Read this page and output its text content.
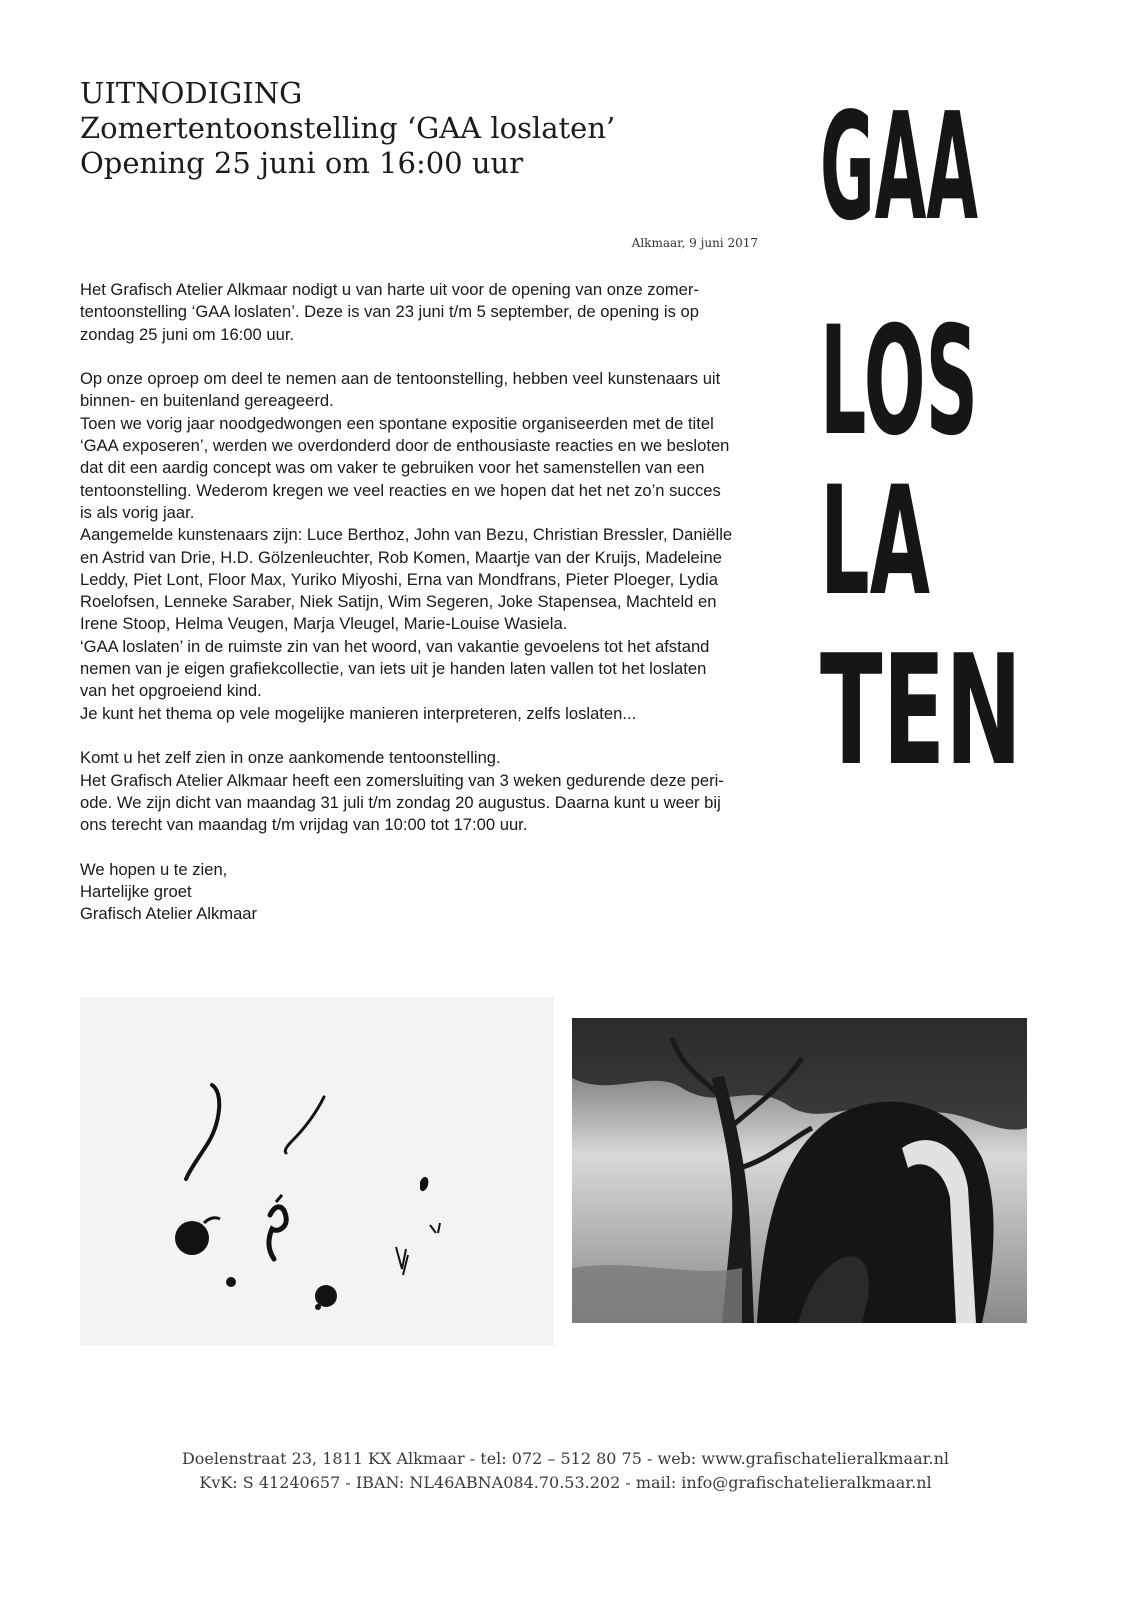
UITNODIGING
Zomertentoonstelling ‘GAA loslaten’
Opening 25 juni om 16:00 uur
Alkmaar, 9 juni 2017

Het Grafisch Atelier Alkmaar nodigt u van harte uit voor de opening van onze zomer-

tentoonstelling ‘GAA loslaten’. Deze is van 23 juni t/m 5 september, de opening is op

zondag 25 juni om 16:00 uur.

Op onze oproep om deel te nemen aan de tentoonstelling, hebben veel kunstenaars uit

binnen- en buitenland gereageerd.

Toen we vorig jaar noodgedwongen een spontane expositie organiseerden met de titel

‘GAA exposeren’, werden we overdonderd door de enthousiaste reacties en we besloten

dat dit een aardig concept was om vaker te gebruiken voor het samenstellen van een

tentoonstelling. Wederom kregen we veel reacties en we hopen dat het net zo’n succes

is als vorig jaar.

Aangemelde kunstenaars zijn: Luce Berthoz, John van Bezu, Christian Bressler, Daniëlle

en Astrid van Drie, H.D. Gölzenleuchter, Rob Komen, Maartje van der Kruijs, Madeleine

Leddy, Piet Lont, Floor Max, Yuriko Miyoshi, Erna van Mondfrans, Pieter Ploeger, Lydia

Roelofsen, Lenneke Saraber, Niek Satijn, Wim Segeren, Joke Stapensea, Machteld en

Irene Stoop, Helma Veugen, Marja Vleugel, Marie-Louise Wasiela.

‘GAA loslaten’ in de ruimste zin van het woord, van vakantie gevoelens tot het afstand

nemen van je eigen grafiekcollectie, van iets uit je handen laten vallen tot het loslaten

van het opgroeiend kind.

Je kunt het thema op vele mogelijke manieren interpreteren, zelfs loslaten...

Komt u het zelf zien in onze aankomende tentoonstelling.

Het Grafisch Atelier Alkmaar heeft een zomersluiting van 3 weken gedurende deze peri-

ode. We zijn dicht van maandag 31 juli t/m zondag 20 augustus. Daarna kunt u weer bij

ons terecht van maandag t/m vrijdag van 10:00 tot 17:00 uur.

We hopen u te zien,

Hartelijke groet

Grafisch Atelier Alkmaar

GAA
LOS
LA
TEN
Doelenstraat 23, 1811 KX Alkmaar - tel: 072 – 512 80 75 - web: www.grafischatelieralkmaar.nl
KvK: S 41240657 - IBAN: NL46ABNA084.70.53.202 - mail: info@grafischatelieralkmaar.nl
